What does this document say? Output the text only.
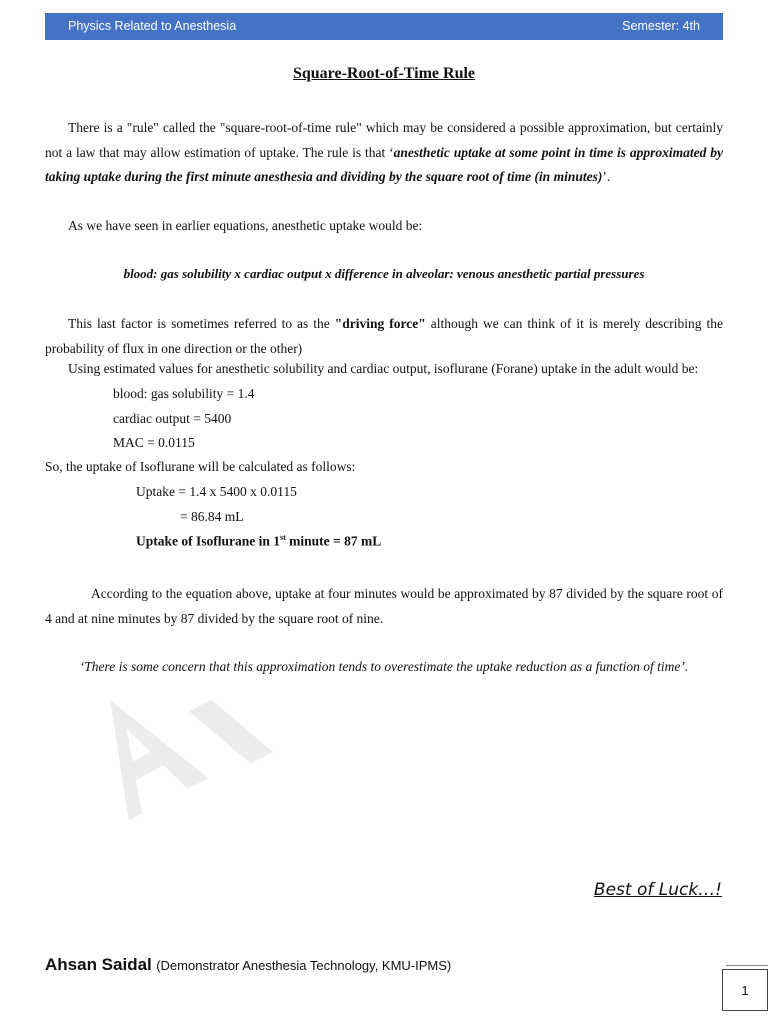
Physics Related to Anesthesia	Semester: 4th
Square-Root-of-Time Rule
There is a "rule" called the "square-root-of-time rule" which may be considered a possible approximation, but certainly not a law that may allow estimation of uptake. The rule is that ‘anesthetic uptake at some point in time is approximated by taking uptake during the first minute anesthesia and dividing by the square root of time (in minutes)’.
As we have seen in earlier equations, anesthetic uptake would be:
blood: gas solubility x cardiac output x difference in alveolar: venous anesthetic partial pressures
This last factor is sometimes referred to as the "driving force" although we can think of it is merely describing the probability of flux in one direction or the other)
Using estimated values for anesthetic solubility and cardiac output, isoflurane (Forane) uptake in the adult would be:
blood: gas solubility = 1.4
cardiac output = 5400
MAC = 0.0115
So, the uptake of Isoflurane will be calculated as follows:
Uptake = 1.4 x 5400 x 0.0115
= 86.84 mL
Uptake of Isoflurane in 1st minute = 87 mL
According to the equation above, uptake at four minutes would be approximated by 87 divided by the square root of 4 and at nine minutes by 87 divided by the square root of nine.
‘There is some concern that this approximation tends to overestimate the uptake reduction as a function of time’.
Best of Luck…!
Ahsan Saidal (Demonstrator Anesthesia Technology, KMU-IPMS)
1
